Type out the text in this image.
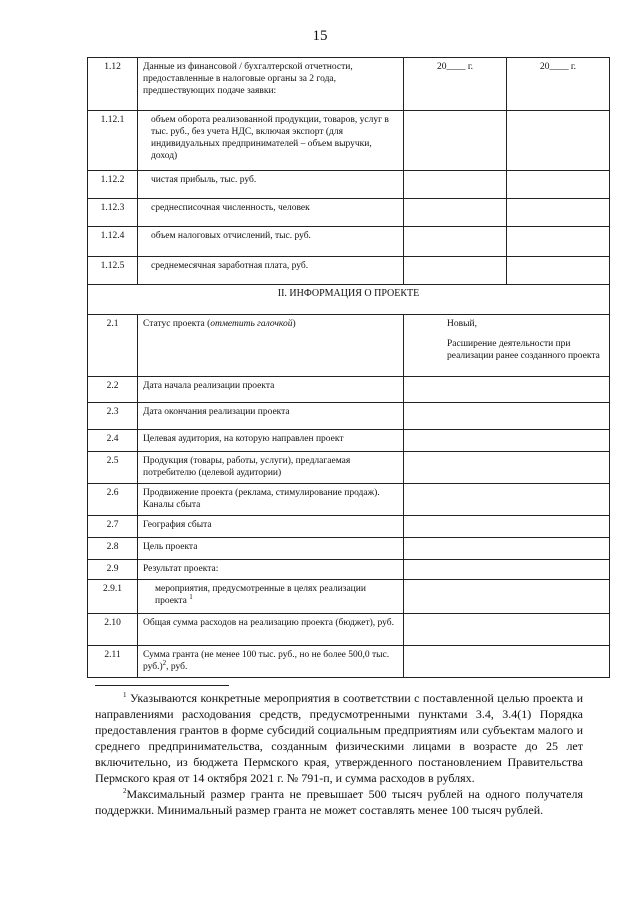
15
1.12	Данные из финансовой / бухгалтерской отчетности, предоставленные в налоговые органы за 2 года, предшествующих подаче заявки:	20____ г.	20____ г.

1.12.1	объем оборота реализованной продукции, товаров, услуг в тыс. руб., без учета НДС, включая экспорт (для индивидуальных предпринимателей – объем выручки, доход)		

1.12.2	чистая прибыль, тыс. руб.		

1.12.3	среднесписочная численность, человек		

1.12.4	объем налоговых отчислений, тыс. руб.		

1.12.5	среднемесячная заработная плата, руб.		

II. ИНФОРМАЦИЯ О ПРОЕКТЕ			
2.1	Статус проекта (отметить галочкой)	Новый,
Расширение деятельности при реализации ранее созданного проекта	

2.2	Дата начала реализации проекта		
2.3	Дата окончания реализации проекта		
2.4	Целевая аудитория, на которую направлен проект		
2.5	Продукция (товары, работы, услуги), предлагаемая потребителю (целевой аудитории)		
2.6	Продвижение проекта (реклама, стимулирование продаж). Каналы сбыта		
2.7	География сбыта		
2.8	Цель проекта		
2.9	Результат проекта:		
2.9.1	мероприятия, предусмотренные в целях реализации проекта $^1$

2.10	Общая сумма расходов на реализацию проекта (бюджет), руб.		
2.11	Сумма гранта (не менее 100 тыс. руб., но не более 500,0 тыс. руб.)$^2$, руб.		

$^1$ Указываются конкретные мероприятия в соответствии с поставленной целью проекта и направлениями расходования средств, предусмотренными пунктами 3.4, 3.4(1) Порядка предоставления грантов в форме субсидий социальным предприятиям или субъектам малого и среднего предпринимательства, созданным физическими лицами в возрасте до 25 лет включительно, из бюджета Пермского края, утвержденного постановлением Правительства Пермского края от 14 октября 2021 г. № 791-п, и сумма расходов в рублях.

$^2$Максимальный размер гранта не превышает 500 тысяч рублей на одного получателя поддержки. Минимальный размер гранта не может составлять менее 100 тысяч рублей.
